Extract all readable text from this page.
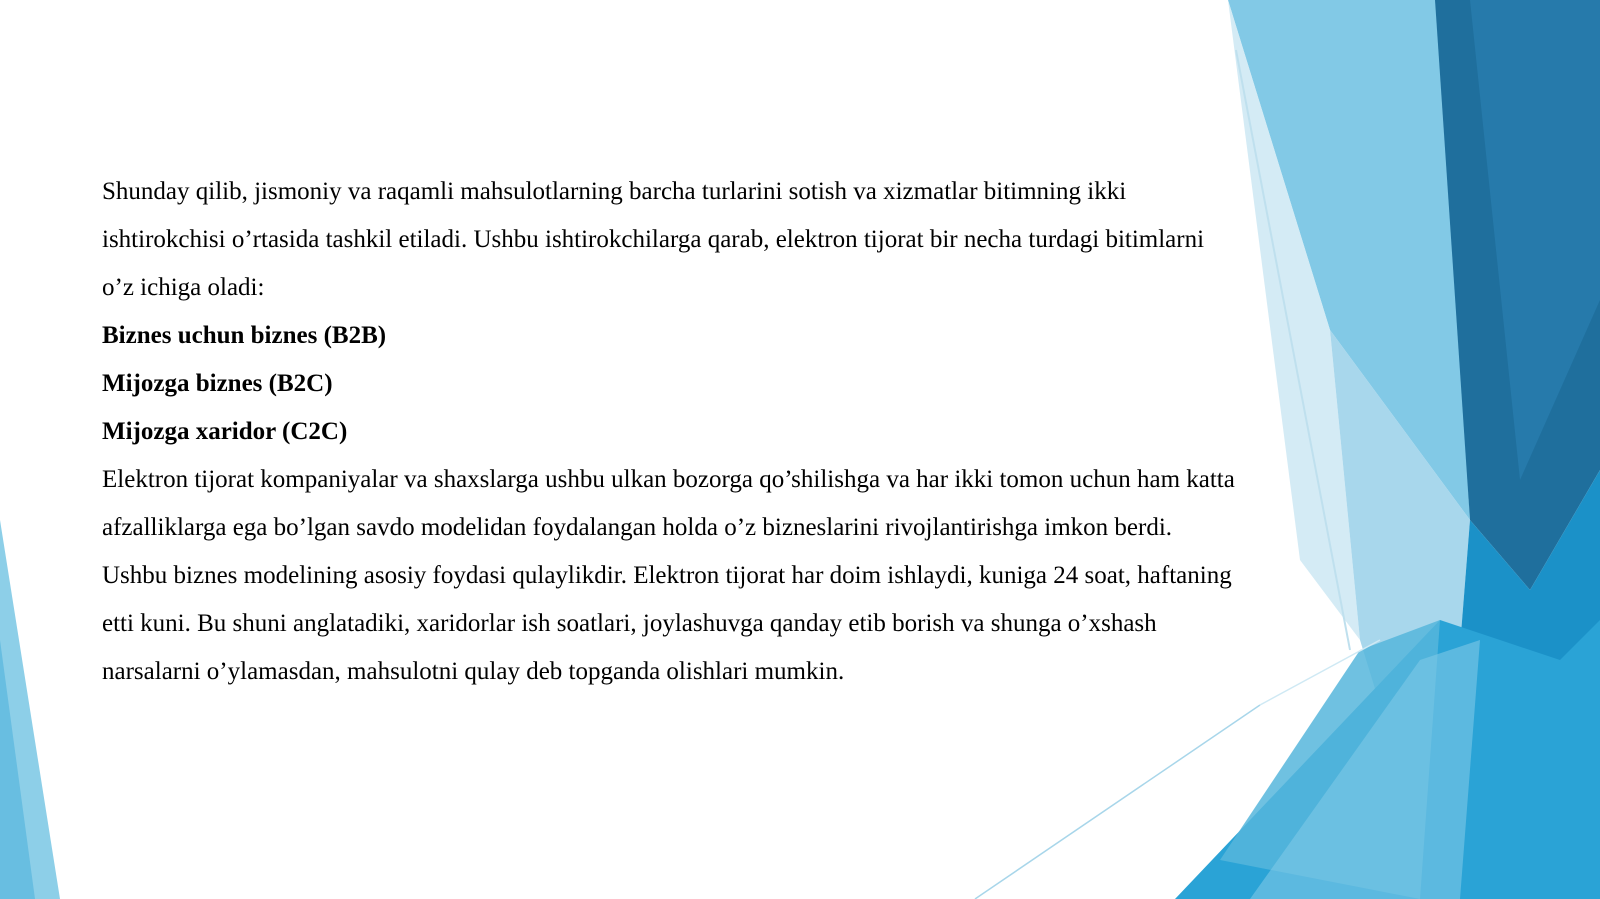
Shunday qilib, jismoniy va raqamli mahsulotlarning barcha turlarini sotish va xizmatlar bitimning ikki ishtirokchisi o’rtasida tashkil etiladi. Ushbu ishtirokchilarga qarab, elektron tijorat bir necha turdagi bitimlarni o’z ichiga oladi:

Biznes uchun biznes (B2B)

Mijozga biznes (B2C)

Mijozga xaridor (C2C)

Elektron tijorat kompaniyalar va shaxslarga ushbu ulkan bozorga qo’shilishga va har ikki tomon uchun ham katta afzalliklarga ega bo’lgan savdo modelidan foydalangan holda o’z bizneslarini rivojlantirishga imkon berdi. Ushbu biznes modelining asosiy foydasi qulaylikdir. Elektron tijorat har doim ishlaydi, kuniga 24 soat, haftaning etti kuni. Bu shuni anglatadiki, xaridorlar ish soatlari, joylashuvga qanday etib borish va shunga o’xshash narsalarni o’ylamasdan, mahsulotni qulay deb topganda olishlari mumkin.
